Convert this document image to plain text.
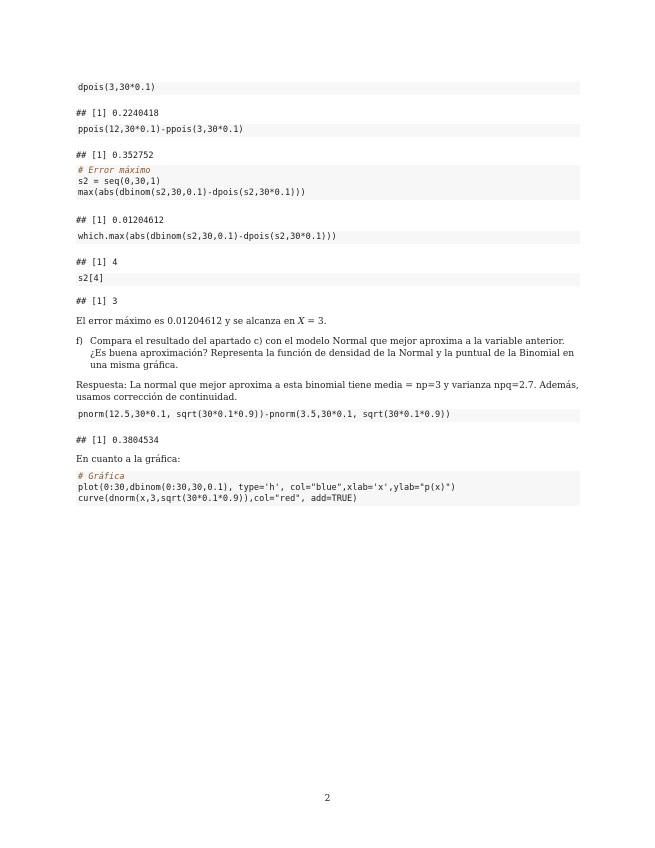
dpois(3,30*0.1)
## [1] 0.2240418
ppois(12,30*0.1)-ppois(3,30*0.1)
## [1] 0.352752
# Error máximo
s2 = seq(0,30,1)
max(abs(dbinom(s2,30,0.1)-dpois(s2,30*0.1)))
## [1] 0.01204612
which.max(abs(dbinom(s2,30,0.1)-dpois(s2,30*0.1)))
## [1] 4
s2[4]
## [1] 3
El error máximo es 0.01204612 y se alcanza en X = 3.
f) Compara el resultado del apartado c) con el modelo Normal que mejor aproxima a la variable anterior. ¿Es buena aproximación? Representa la función de densidad de la Normal y la puntual de la Binomial en una misma gráfica.
Respuesta: La normal que mejor aproxima a esta binomial tiene media = np=3 y varianza npq=2.7. Además, usamos corrección de continuidad.
pnorm(12.5,30*0.1, sqrt(30*0.1*0.9))-pnorm(3.5,30*0.1, sqrt(30*0.1*0.9))
## [1] 0.3804534
En cuanto a la gráfica:
# Gráfica
plot(0:30,dbinom(0:30,30,0.1), type='h', col="blue",xlab='x',ylab="p(x)")
curve(dnorm(x,3,sqrt(30*0.1*0.9)),col="red", add=TRUE)
2
